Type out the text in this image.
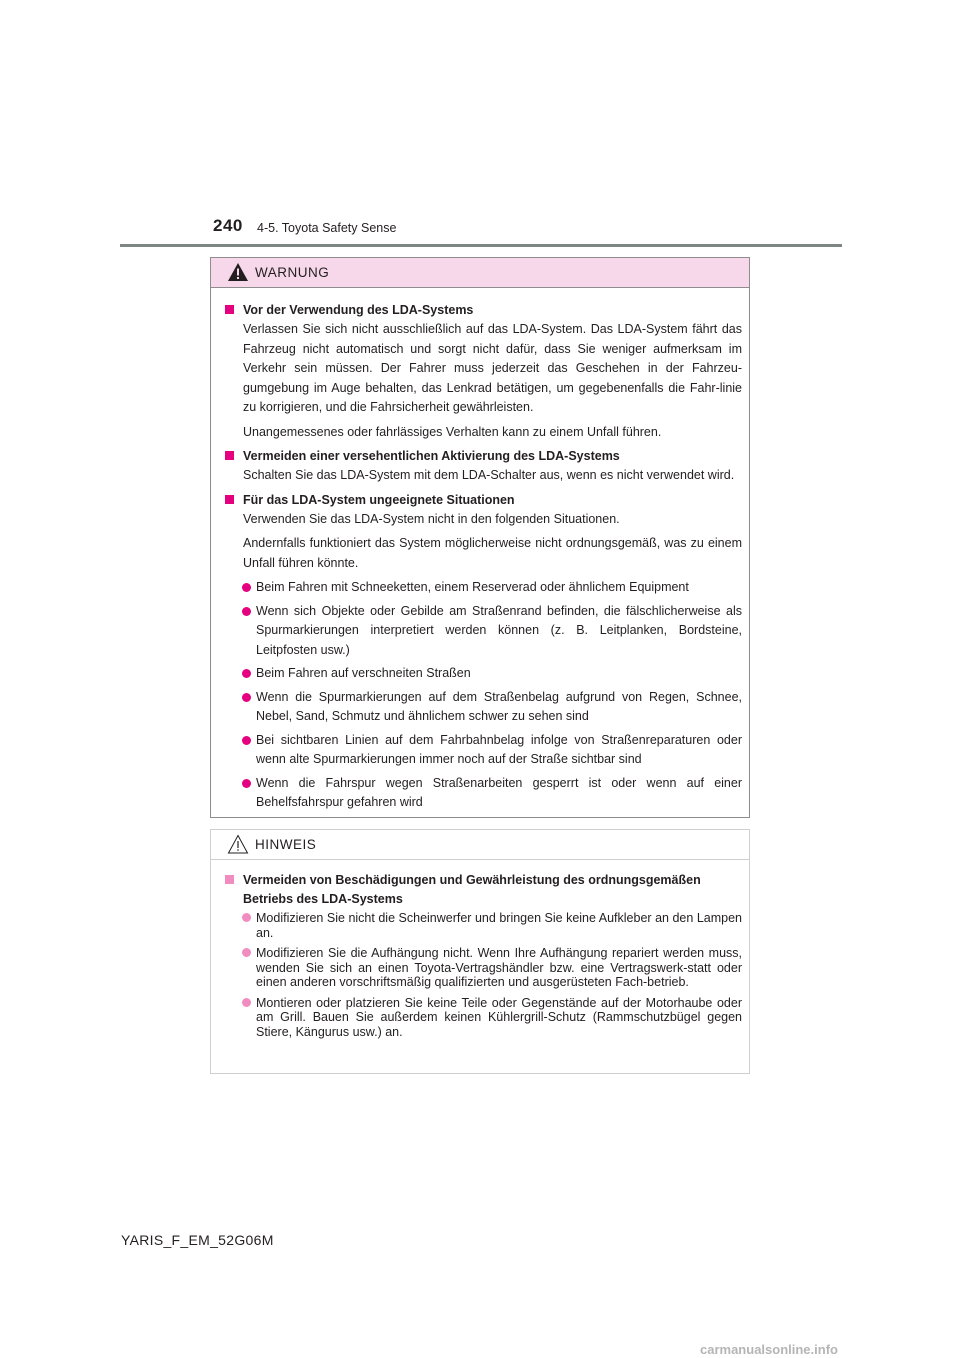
240 4-5. Toyota Safety Sense
WARNUNG
Vor der Verwendung des LDA-Systems
Verlassen Sie sich nicht ausschließlich auf das LDA-System. Das LDA-System fährt das Fahrzeug nicht automatisch und sorgt nicht dafür, dass Sie weniger aufmerksam im Verkehr sein müssen. Der Fahrer muss jederzeit das Geschehen in der Fahrzeu-gumgebung im Auge behalten, das Lenkrad betätigen, um gegebenenfalls die Fahr-linie zu korrigieren, und die Fahrsicherheit gewährleisten.
Unangemessenes oder fahrlässiges Verhalten kann zu einem Unfall führen.
Vermeiden einer versehentlichen Aktivierung des LDA-Systems
Schalten Sie das LDA-System mit dem LDA-Schalter aus, wenn es nicht verwendet wird.
Für das LDA-System ungeeignete Situationen
Verwenden Sie das LDA-System nicht in den folgenden Situationen.
Andernfalls funktioniert das System möglicherweise nicht ordnungsgemäß, was zu einem Unfall führen könnte.
Beim Fahren mit Schneeketten, einem Reserverad oder ähnlichem Equipment
Wenn sich Objekte oder Gebilde am Straßenrand befinden, die fälschlicherweise als Spurmarkierungen interpretiert werden können (z. B. Leitplanken, Bordsteine, Leitpfosten usw.)
Beim Fahren auf verschneiten Straßen
Wenn die Spurmarkierungen auf dem Straßenbelag aufgrund von Regen, Schnee, Nebel, Sand, Schmutz und ähnlichem schwer zu sehen sind
Bei sichtbaren Linien auf dem Fahrbahnbelag infolge von Straßenreparaturen oder wenn alte Spurmarkierungen immer noch auf der Straße sichtbar sind
Wenn die Fahrspur wegen Straßenarbeiten gesperrt ist oder wenn auf einer Behelfsfahrspur gefahren wird
HINWEIS
Vermeiden von Beschädigungen und Gewährleistung des ordnungsgemäßen Betriebs des LDA-Systems
Modifizieren Sie nicht die Scheinwerfer und bringen Sie keine Aufkleber an den Lampen an.
Modifizieren Sie die Aufhängung nicht. Wenn Ihre Aufhängung repariert werden muss, wenden Sie sich an einen Toyota-Vertragshändler bzw. eine Vertragswerk-statt oder einen anderen vorschriftsmäßig qualifizierten und ausgerüsteten Fach-betrieb.
Montieren oder platzieren Sie keine Teile oder Gegenstände auf der Motorhaube oder am Grill. Bauen Sie außerdem keinen Kühlergrill-Schutz (Rammschutzbügel gegen Stiere, Kängurus usw.) an.
YARIS_F_EM_52G06M
carmanualsonline.info
